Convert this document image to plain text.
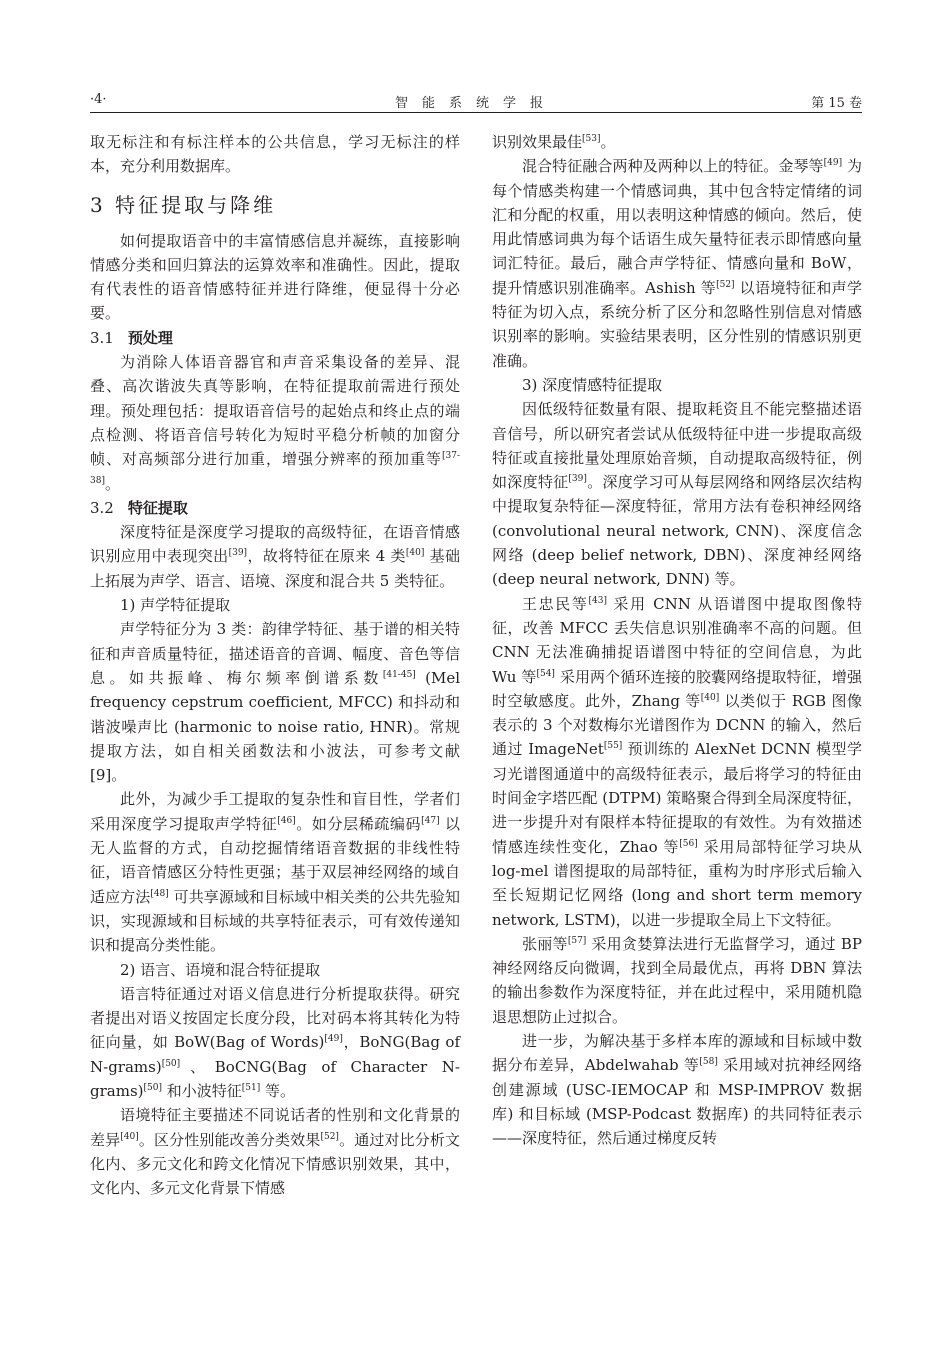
·4·	智能系统学报	第 15 卷

取无标注和有标注样本的公共信息，学习无标注的样本，充分利用数据库。

3 特征提取与降维

如何提取语音中的丰富情感信息并凝练，直接影响情感分类和回归算法的运算效率和准确性。因此，提取有代表性的语音情感特征并进行降维，便显得十分必要。

3.1 预处理

为消除人体语音器官和声音采集设备的差异、混叠、高次谐波失真等影响，在特征提取前需进行预处理。预处理包括：提取语音信号的起始点和终止点的端点检测、将语音信号转化为短时平稳分析帧的加窗分帧、对高频部分进行加重，增强分辨率的预加重等[37-38]。

3.2 特征提取

深度特征是深度学习提取的高级特征，在语音情感识别应用中表现突出[39]，故将特征在原来 4 类[40] 基础上拓展为声学、语言、语境、深度和混合共 5 类特征。

1) 声学特征提取

声学特征分为 3 类：韵律学特征、基于谱的相关特征和声音质量特征，描述语音的音调、幅度、音色等信息。如共振峰、梅尔频率倒谱系数[41-45] (Mel frequency cepstrum coefficient, MFCC) 和抖动和谐波噪声比 (harmonic to noise ratio, HNR)。常规提取方法，如自相关函数法和小波法，可参考文献 [9]。

此外，为减少手工提取的复杂性和盲目性，学者们采用深度学习提取声学特征[46]。如分层稀疏编码[47] 以无人监督的方式，自动挖掘情绪语音数据的非线性特征，语音情感区分特性更强；基于双层神经网络的域自适应方法[48] 可共享源域和目标域中相关类的公共先验知识，实现源域和目标域的共享特征表示，可有效传递知识和提高分类性能。

2) 语言、语境和混合特征提取

语言特征通过对语义信息进行分析提取获得。研究者提出对语义按固定长度分段，比对码本将其转化为特征向量，如 BoW(Bag of Words)[49]，BoNG(Bag of N-grams)[50]、BoCNG(Bag of Character N-grams)[50] 和小波特征[51] 等。

语境特征主要描述不同说话者的性别和文化背景的差异[40]。区分性别能改善分类效果[52]。通过对比分析文化内、多元文化和跨文化情况下情感识别效果，其中，文化内、多元文化背景下情感

识别效果最佳[53]。

混合特征融合两种及两种以上的特征。金琴等[49] 为每个情感类构建一个情感词典，其中包含特定情绪的词汇和分配的权重，用以表明这种情感的倾向。然后，使用此情感词典为每个话语生成矢量特征表示即情感向量词汇特征。最后，融合声学特征、情感向量和 BoW，提升情感识别准确率。Ashish 等[52] 以语境特征和声学特征为切入点，系统分析了区分和忽略性别信息对情感识别率的影响。实验结果表明，区分性别的情感识别更准确。

3) 深度情感特征提取

因低级特征数量有限、提取耗资且不能完整描述语音信号，所以研究者尝试从低级特征中进一步提取高级特征或直接批量处理原始音频，自动提取高级特征，例如深度特征[39]。深度学习可从每层网络和网络层次结构中提取复杂特征—深度特征，常用方法有卷积神经网络 (convolutional neural network, CNN)、深度信念网络 (deep belief network, DBN)、深度神经网络 (deep neural network, DNN) 等。

王忠民等[43] 采用 CNN 从语谱图中提取图像特征，改善 MFCC 丢失信息识别准确率不高的问题。但 CNN 无法准确捕捉语谱图中特征的空间信息，为此 Wu 等[54] 采用两个循环连接的胶囊网络提取特征，增强时空敏感度。此外，Zhang 等[40] 以类似于 RGB 图像表示的 3 个对数梅尔光谱图作为 DCNN 的输入，然后通过 ImageNet[55] 预训练的 AlexNet DCNN 模型学习光谱图通道中的高级特征表示，最后将学习的特征由时间金字塔匹配 (DTPM) 策略聚合得到全局深度特征，进一步提升对有限样本特征提取的有效性。为有效描述情感连续性变化，Zhao 等[56] 采用局部特征学习块从 log-mel 谱图提取的局部特征，重构为时序形式后输入至长短期记忆网络 (long and short term memory network, LSTM)，以进一步提取全局上下文特征。

张丽等[57] 采用贪婪算法进行无监督学习，通过 BP 神经网络反向微调，找到全局最优点，再将 DBN 算法的输出参数作为深度特征，并在此过程中，采用随机隐退思想防止过拟合。

进一步，为解决基于多样本库的源域和目标域中数据分布差异，Abdelwahab 等[58] 采用域对抗神经网络创建源域 (USC-IEMOCAP 和 MSP-IMPROV 数据库) 和目标域 (MSP-Podcast 数据库) 的共同特征表示——深度特征，然后通过梯度反转
